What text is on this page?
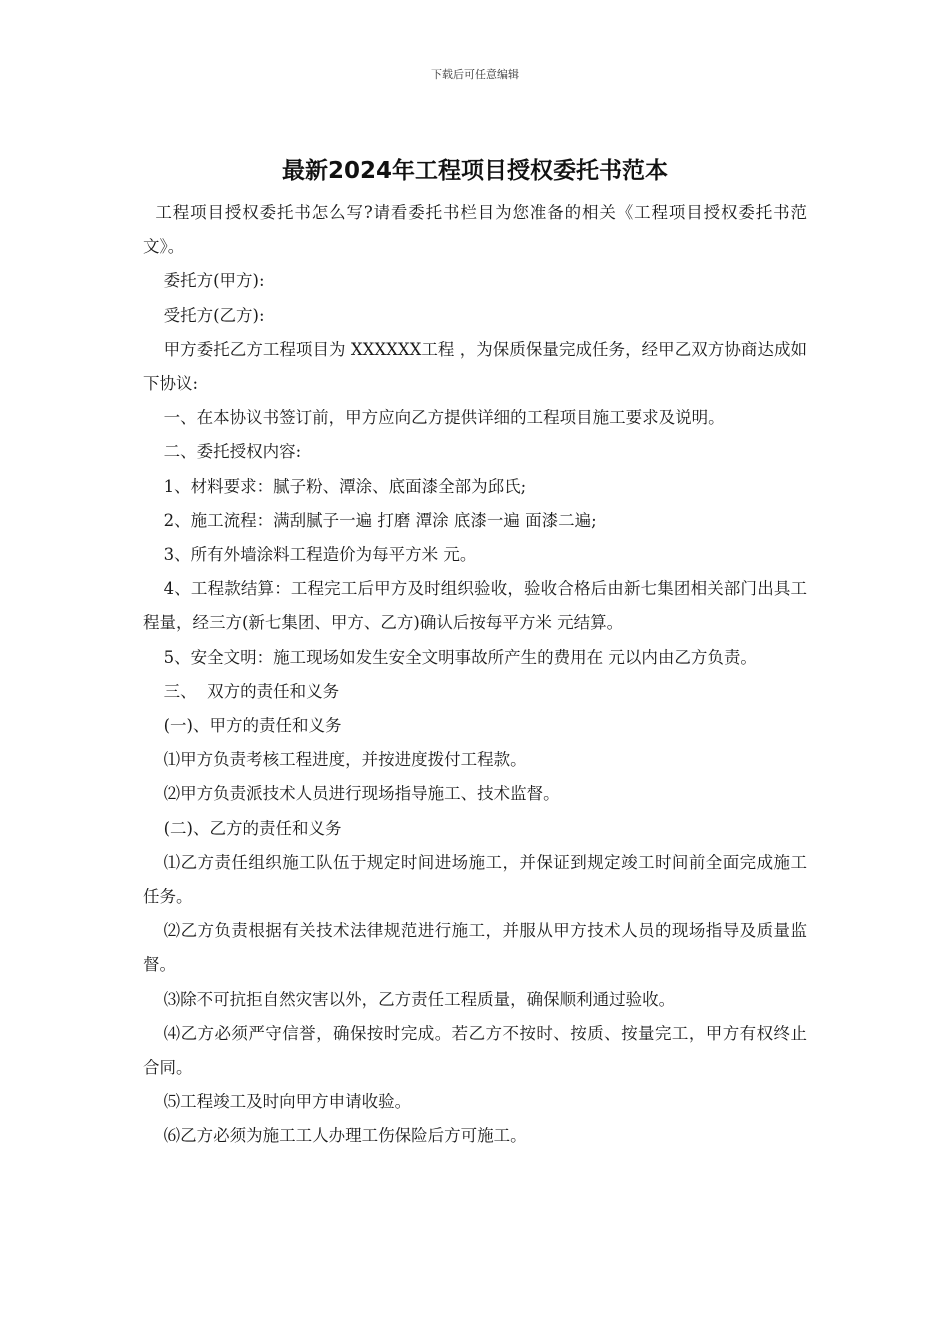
下载后可任意编辑
最新2024年工程项目授权委托书范本

工程项目授权委托书怎么写?请看委托书栏目为您准备的相关《工程项目授权委托书范文》。

委托方(甲方):

受托方(乙方):

甲方委托乙方工程项目为 XXXXXX工程 ，为保质保量完成任务，经甲乙双方协商达成如下协议:

一、在本协议书签订前，甲方应向乙方提供详细的工程项目施工要求及说明。

二、委托授权内容:

1、材料要求：腻子粉、潭涂、底面漆全部为邱氏;

2、施工流程：满刮腻子一遍 打磨 潭涂 底漆一遍 面漆二遍;

3、所有外墙涂料工程造价为每平方米 元。

4、工程款结算：工程完工后甲方及时组织验收，验收合格后由新七集团相关部门出具工程量，经三方(新七集团、甲方、乙方)确认后按每平方米 元结算。

5、安全文明：施工现场如发生安全文明事故所产生的费用在 元以内由乙方负责。

三、  双方的责任和义务

(一)、甲方的责任和义务

⑴甲方负责考核工程进度，并按进度拨付工程款。

⑵甲方负责派技术人员进行现场指导施工、技术监督。

(二)、乙方的责任和义务

⑴乙方责任组织施工队伍于规定时间进场施工，并保证到规定竣工时间前全面完成施工任务。

⑵乙方负责根据有关技术法律规范进行施工，并服从甲方技术人员的现场指导及质量监督。

⑶除不可抗拒自然灾害以外，乙方责任工程质量，确保顺利通过验收。

⑷乙方必须严守信誉，确保按时完成。若乙方不按时、按质、按量完工，甲方有权终止合同。

⑸工程竣工及时向甲方申请收验。

⑹乙方必须为施工工人办理工伤保险后方可施工。
